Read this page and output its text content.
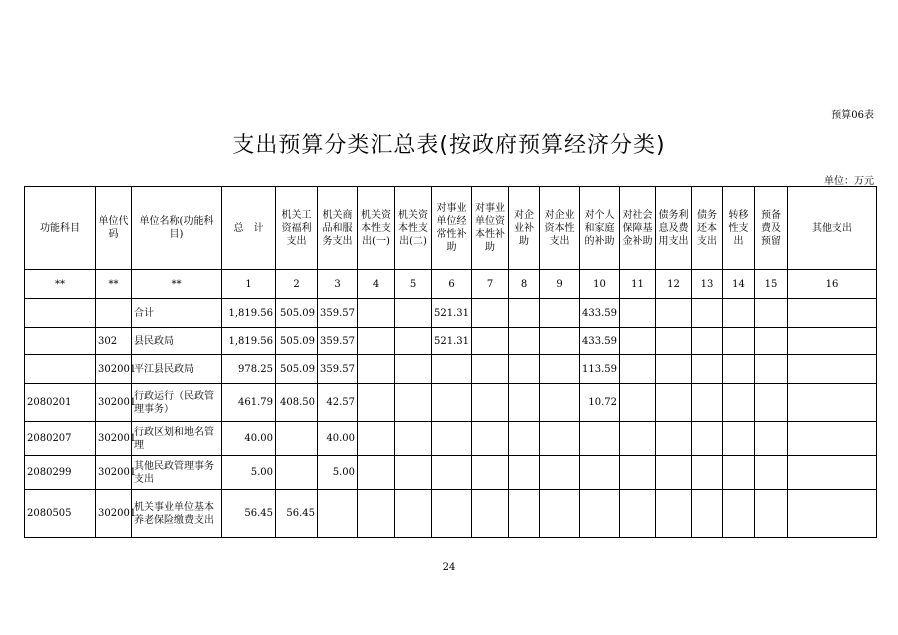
预算06表
支出预算分类汇总表(按政府预算经济分类)
单位：万元
功能科目	单位代码	单位名称(功能科目)	总　计	机关工资福利支出	机关商品和服务支出	机关资本性支出(一)	机关资本性支出(二)	对事业单位经常性补助	对事业单位资本性补助	对企业补助	对企业资本性支出	对个人和家庭的补助	对社会保障基金补助	债务利息及费用支出	债务还本支出	转移性支出	预备费及预留	其他支出
**	**	**	1	2	3	4	5	6	7	8	9	10	11	12	13	14	15	16
		合计	1,819.56	505.09	359.57			521.31				433.59						
	302	县民政局	1,819.56	505.09	359.57			521.31				433.59						
	302001	平江县民政局	978.25	505.09	359.57							113.59						
2080201	302001	行政运行（民政管理事务）	461.79	408.50	42.57							10.72						
2080207	302001	行政区划和地名管理	40.00		40.00													
2080299	302001	其他民政管理事务支出	5.00		5.00													
2080505	302001	机关事业单位基本养老保险缴费支出	56.45	56.45														
24
